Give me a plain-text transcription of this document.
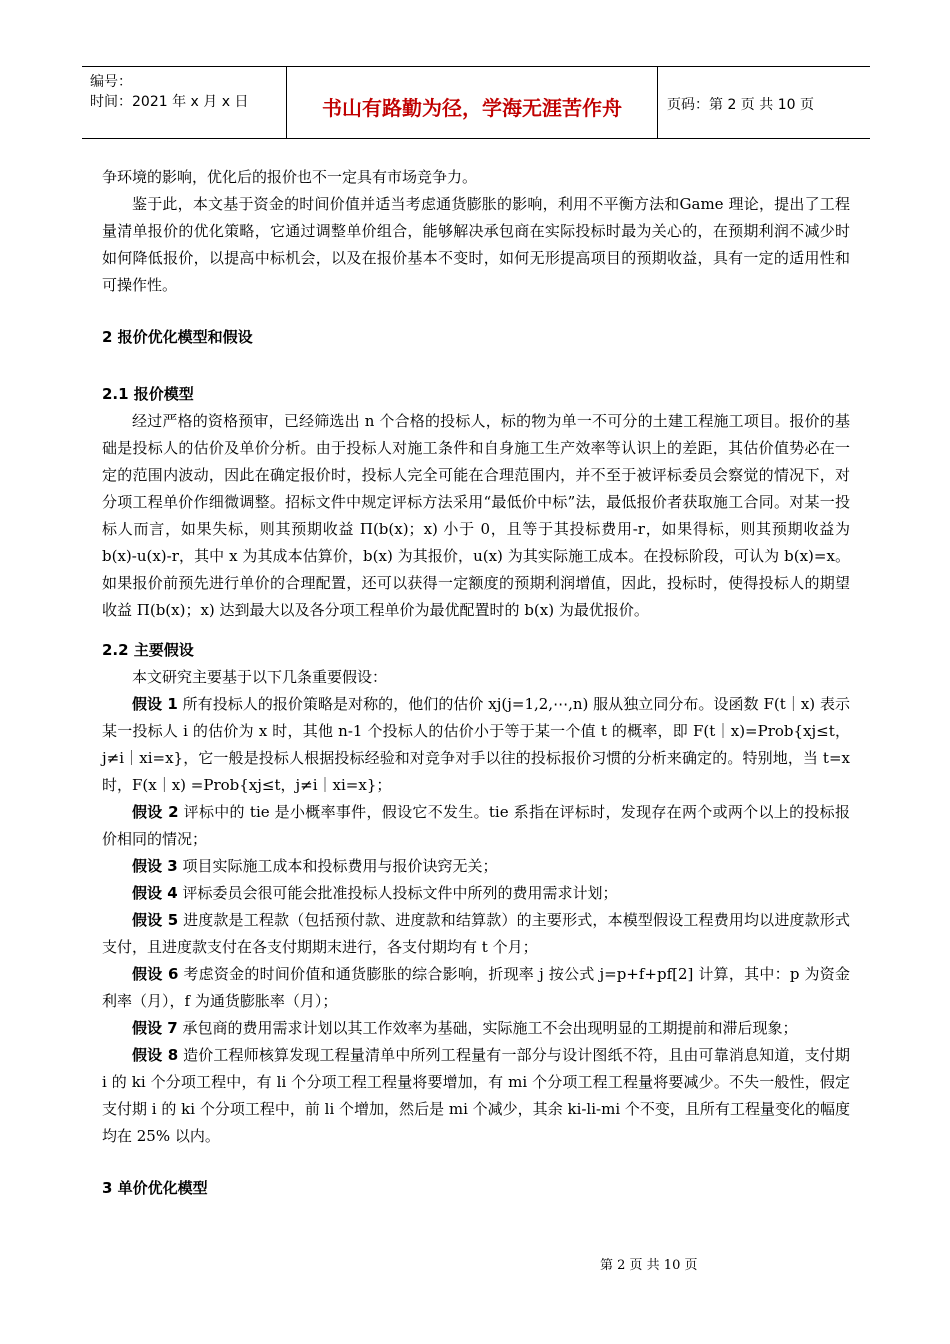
编号：
时间：2021 年 x 月 x 日	书山有路勤为径，学海无涯苦作舟	页码：第 2 页 共 10 页

争环境的影响，优化后的报价也不一定具有市场竞争力。

鉴于此，本文基于资金的时间价值并适当考虑通货膨胀的影响，利用不平衡方法和Game 理论，提出了工程量清单报价的优化策略，它通过调整单价组合，能够解决承包商在实际投标时最为关心的，在预期利润不减少时如何降低报价，以提高中标机会，以及在报价基本不变时，如何无形提高项目的预期收益，具有一定的适用性和可操作性。

2 报价优化模型和假设

2.1 报价模型

经过严格的资格预审，已经筛选出 n 个合格的投标人，标的物为单一不可分的土建工程施工项目。报价的基础是投标人的估价及单价分析。由于投标人对施工条件和自身施工生产效率等认识上的差距，其估价值势必在一定的范围内波动，因此在确定报价时，投标人完全可能在合理范围内，并不至于被评标委员会察觉的情况下，对分项工程单价作细微调整。招标文件中规定评标方法采用“最低价中标”法，最低报价者获取施工合同。对某一投标人而言，如果失标，则其预期收益 Π(b(x)；x) 小于 0，且等于其投标费用-r，如果得标，则其预期收益为 b(x)-u(x)-r，其中 x 为其成本估算价，b(x) 为其报价，u(x) 为其实际施工成本。在投标阶段，可认为 b(x)=x。如果报价前预先进行单价的合理配置，还可以获得一定额度的预期利润增值，因此，投标时，使得投标人的期望收益 Π(b(x)；x) 达到最大以及各分项工程单价为最优配置时的 b(x) 为最优报价。

2.2 主要假设

本文研究主要基于以下几条重要假设：

假设 1 所有投标人的报价策略是对称的，他们的估价 xj(j=1,2,⋯,n) 服从独立同分布。设函数 F(t｜x) 表示某一投标人 i 的估价为 x 时，其他 n-1 个投标人的估价小于等于某一个值 t 的概率，即 F(t｜x)=Prob{xj≤t，j≠i｜xi=x}，它一般是投标人根据投标经验和对竞争对手以往的投标报价习惯的分析来确定的。特别地，当 t=x 时，F(x｜x) =Prob{xj≤t，j≠i｜xi=x}；

假设 2 评标中的 tie 是小概率事件，假设它不发生。tie 系指在评标时，发现存在两个或两个以上的投标报价相同的情况；

假设 3 项目实际施工成本和投标费用与报价诀窍无关；

假设 4 评标委员会很可能会批准投标人投标文件中所列的费用需求计划；

假设 5 进度款是工程款（包括预付款、进度款和结算款）的主要形式，本模型假设工程费用均以进度款形式支付，且进度款支付在各支付期期末进行，各支付期均有 t 个月；

假设 6 考虑资金的时间价值和通货膨胀的综合影响，折现率 j 按公式 j=p+f+pf[2] 计算，其中：p 为资金利率（月），f 为通货膨胀率（月）；

假设 7 承包商的费用需求计划以其工作效率为基础，实际施工不会出现明显的工期提前和滞后现象；

假设 8 造价工程师核算发现工程量清单中所列工程量有一部分与设计图纸不符，且由可靠消息知道，支付期 i 的 ki 个分项工程中，有 li 个分项工程工程量将要增加，有 mi 个分项工程工程量将要减少。不失一般性，假定支付期 i 的 ki 个分项工程中，前 li 个增加，然后是 mi 个减少，其余 ki-li-mi 个不变，且所有工程量变化的幅度均在 25% 以内。

3 单价优化模型

第 2 页 共 10 页
